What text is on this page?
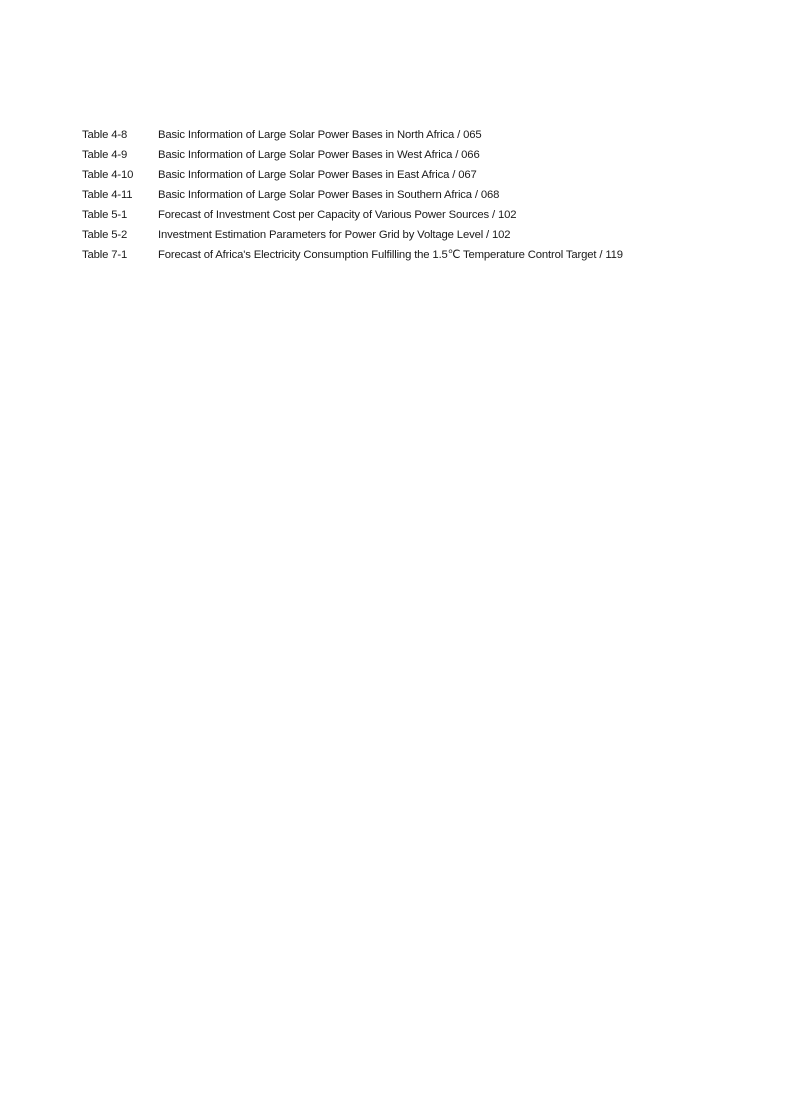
Table 4-8	Basic Information of Large Solar Power Bases in North Africa / 065
Table 4-9	Basic Information of Large Solar Power Bases in West Africa / 066
Table 4-10	Basic Information of Large Solar Power Bases in East Africa / 067
Table 4-11	Basic Information of Large Solar Power Bases in Southern Africa / 068
Table 5-1	Forecast of Investment Cost per Capacity of Various Power Sources / 102
Table 5-2	Investment Estimation Parameters for Power Grid by Voltage Level / 102
Table 7-1	Forecast of Africa's Electricity Consumption Fulfilling the 1.5℃ Temperature Control Target / 119
